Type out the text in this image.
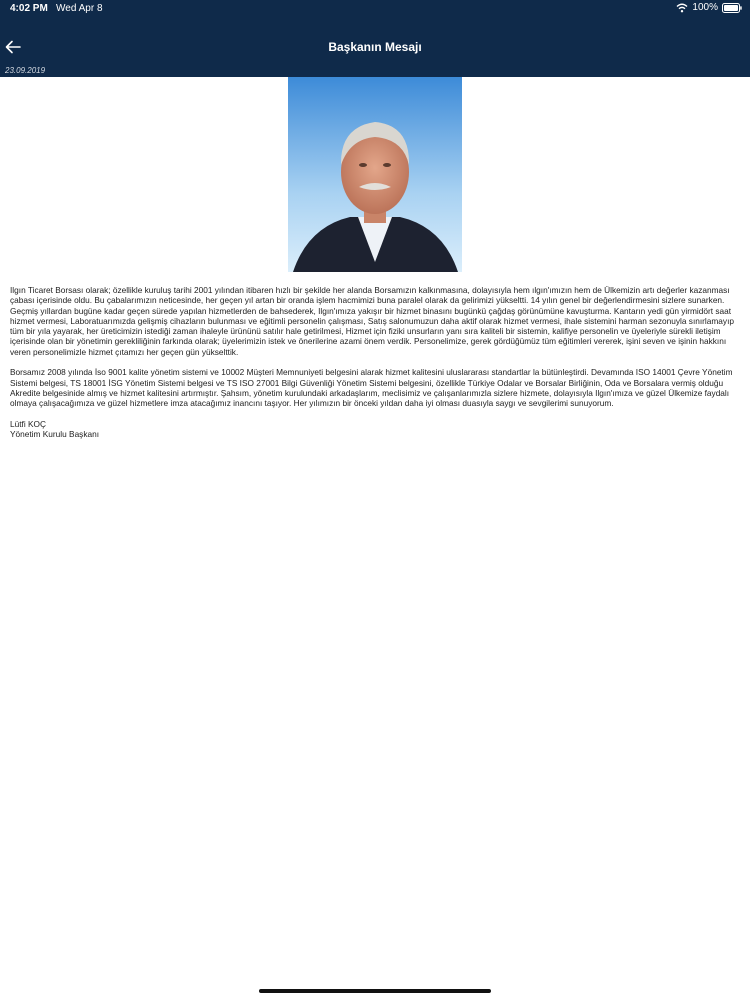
4:02 PM Wed Apr 8	100%
Başkanın Mesajı
23.09.2019

Ilgın Ticaret Borsası olarak; özellikle kuruluş tarihi 2001 yılından itibaren hızlı bir şekilde her alanda Borsamızın kalkınmasına, dolayısıyla hem ılgın'ımızın hem de Ülkemizin artı değerler kazanması çabası içerisinde oldu. Bu çabalarımızın neticesinde, her geçen yıl artan bir oranda işlem hacmimizi buna paralel olarak da gelirimizi yükseltti. 14 yılın genel bir değerlendirmesini sizlere sunarken. Geçmiş yıllardan bugüne kadar geçen sürede yapılan hizmetlerden de bahsederek, Ilgın'ımıza yakışır bir hizmet binasını bugünkü çağdaş görünümüne kavuşturma. Kantarın yedi gün yirmidört saat hizmet vermesi, Laboratuarımızda gelişmiş cihazların bulunması ve eğitimli personelin çalışması, Satış salonumuzun daha aktif olarak hizmet vermesi, ihale sistemini harman sezonuyla sınırlamayıp tüm bir yıla yayarak, her üreticimizin istediği zaman ihaleyle ürününü satılır hale getirilmesi, Hizmet için fiziki unsurların yanı sıra kaliteli bir sistemin, kalifiye personelin ve üyeleriyle sürekli iletişim içerisinde olan bir yönetimin gerekliliğinin farkında olarak; üyelerimizin istek ve önerilerine azami önem verdik. Personelimize, gerek gördüğümüz tüm eğitimleri vererek, işini seven ve işinin hakkını veren personelimizle hizmet çıtamızı her geçen gün yükselttik.

Borsamız 2008 yılında İso 9001 kalite yönetim sistemi ve 10002 Müşteri Memnuniyeti belgesini alarak hizmet kalitesini uluslararası standartlar la bütünleştirdi. Devamında ISO 14001 Çevre Yönetim Sistemi belgesi, TS 18001 İSG Yönetim Sistemi belgesi ve TS ISO 27001 Bilgi Güvenliği Yönetim Sistemi belgesini, özellikle Türkiye Odalar ve Borsalar Birliğinin, Oda ve Borsalara vermiş olduğu Akredite belgesinide almış ve hizmet kalitesini artırmıştır. Şahsım, yönetim kurulundaki arkadaşlarım, meclisimiz ve çalışanlarımızla sizlere hizmete, dolayısıyla Ilgın'ımıza ve güzel Ülkemize faydalı olmaya çalışacağımıza ve güzel hizmetlere imza atacağımız inancını taşıyor. Her yılımızın bir önceki yıldan daha iyi olması duasıyla saygı ve sevgilerimi sunuyorum.

Lütfi KOÇ
Yönetim Kurulu Başkanı
